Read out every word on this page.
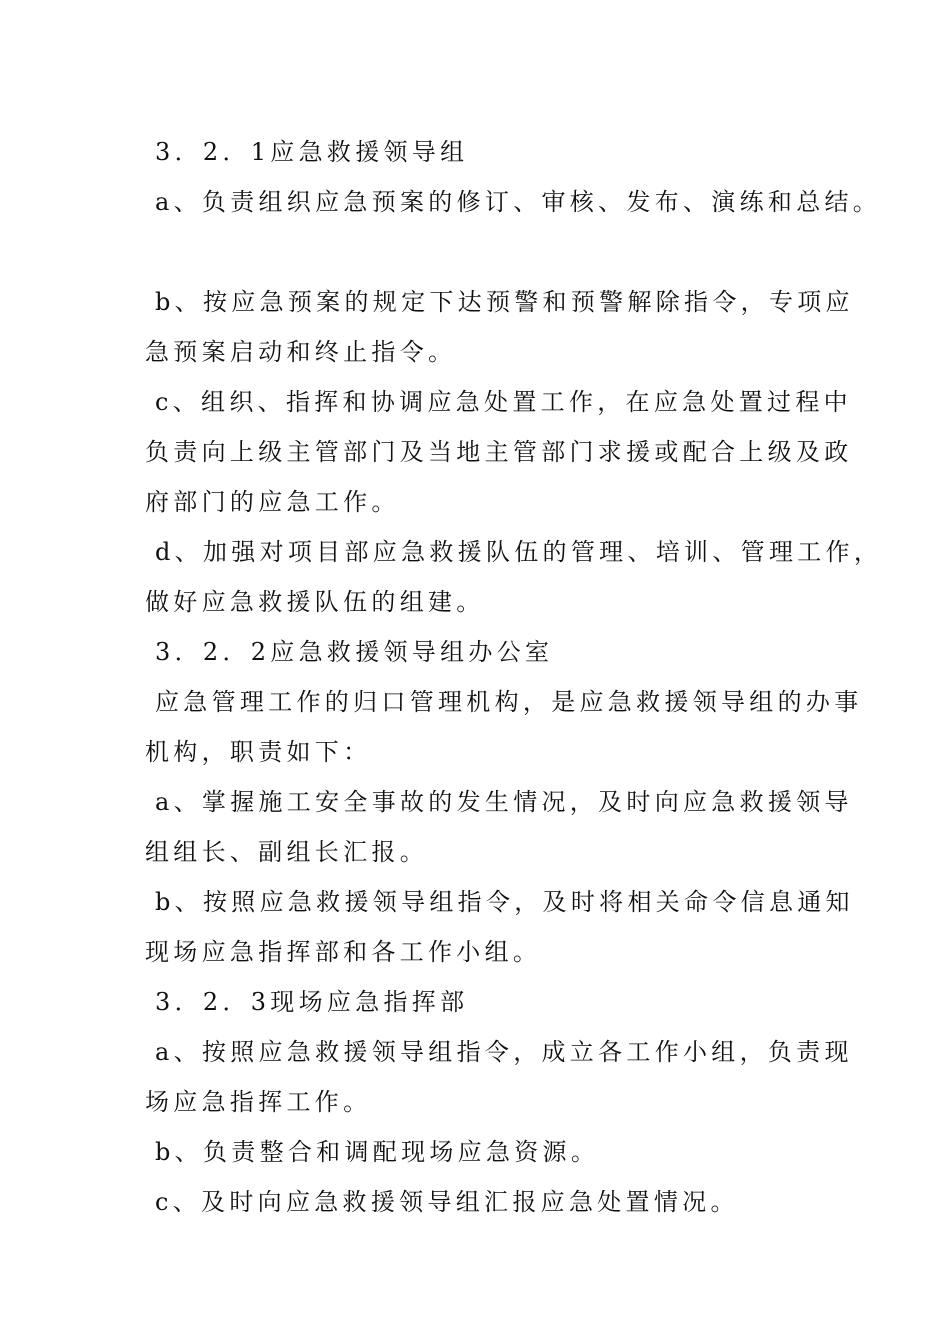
3．2．1应急救援领导组
a、负责组织应急预案的修订、审核、发布、演练和总结。
b、按应急预案的规定下达预警和预警解除指令，专项应
急预案启动和终止指令。
c、组织、指挥和协调应急处置工作，在应急处置过程中
负责向上级主管部门及当地主管部门求援或配合上级及政
府部门的应急工作。
d、加强对项目部应急救援队伍的管理、培训、管理工作，
做好应急救援队伍的组建。
3．2．2应急救援领导组办公室
应急管理工作的归口管理机构，是应急救援领导组的办事
机构，职责如下：
a、掌握施工安全事故的发生情况，及时向应急救援领导
组组长、副组长汇报。
b、按照应急救援领导组指令，及时将相关命令信息通知
现场应急指挥部和各工作小组。
3．2．3现场应急指挥部
a、按照应急救援领导组指令，成立各工作小组，负责现
场应急指挥工作。
b、负责整合和调配现场应急资源。
c、及时向应急救援领导组汇报应急处置情况。
